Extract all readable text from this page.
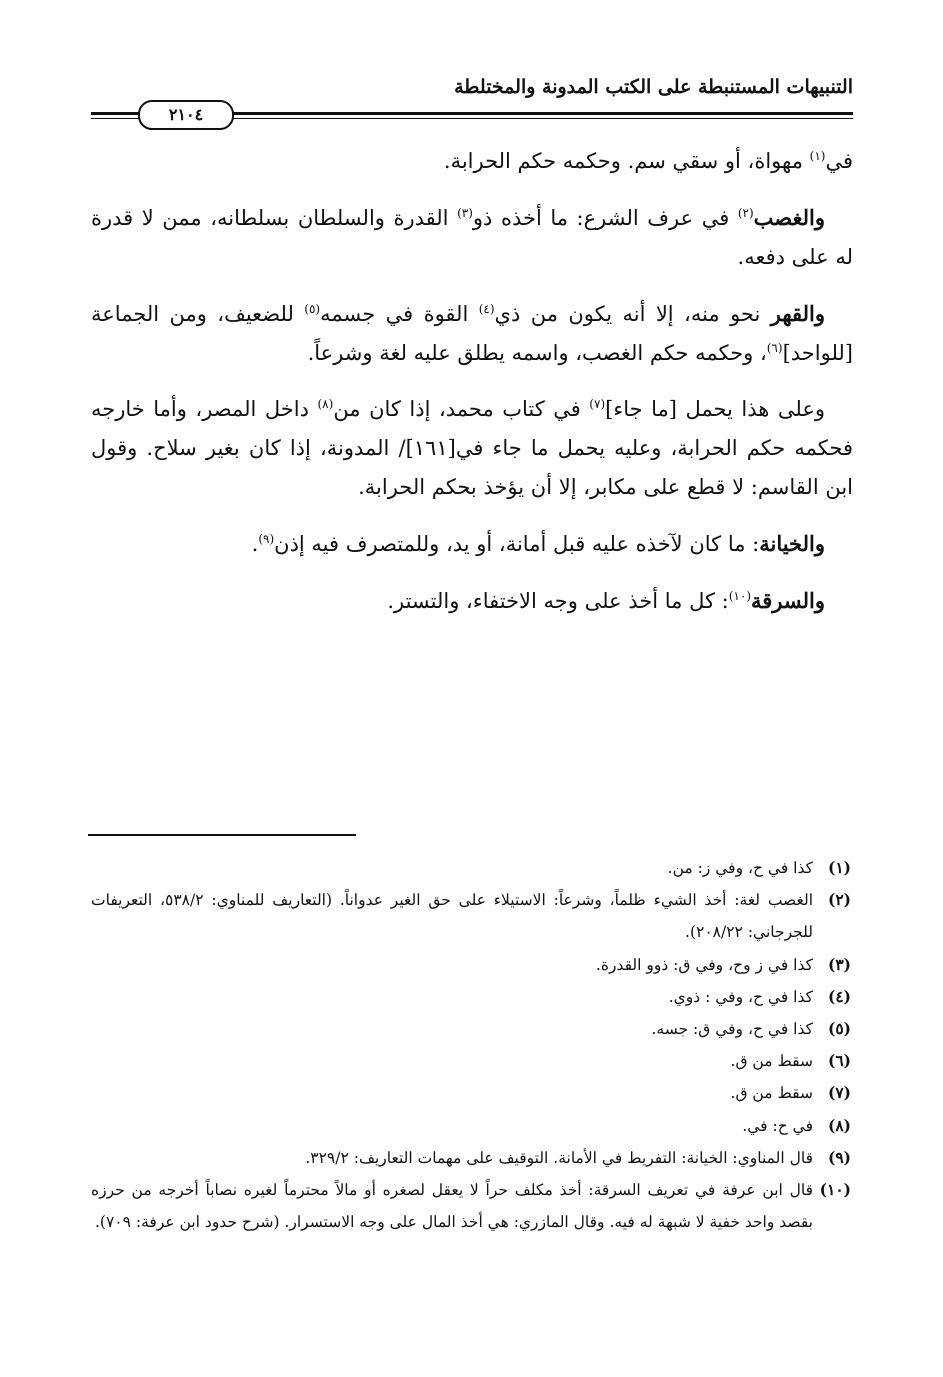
التنبيهات المستنبطة على الكتب المدونة والمختلطة
٢١٠٤

في$^{(١)}$ مهواة، أو سقي سم. وحكمه حكم الحرابة.

والغصب$^{(٢)}$ في عرف الشرع: ما أخذه ذو$^{(٣)}$ القدرة والسلطان بسلطانه، ممن لا قدرة له على دفعه.

والقهر نحو منه، إلا أنه يكون من ذي$^{(٤)}$ القوة في جسمه$^{(٥)}$ للضعيف، ومن الجماعة [للواحد]$^{(٦)}$، وحكمه حكم الغصب، واسمه يطلق عليه لغة وشرعاً.

وعلى هذا يحمل [ما جاء]$^{(٧)}$ في كتاب محمد، إذا كان من$^{(٨)}$ داخل المصر، وأما خارجه فحكمه حكم الحرابة، وعليه يحمل ما جاء في[١٦١]/ المدونة، إذا كان بغير سلاح. وقول ابن القاسم: لا قطع على مكابر، إلا أن يؤخذ بحكم الحرابة.

والخيانة: ما كان لآخذه عليه قبل أمانة، أو يد، وللمتصرف فيه إذن$^{(٩)}$.

والسرقة$^{(١٠)}$: كل ما أخذ على وجه الاختفاء، والتستر.

(١)
كذا في ح، وفي ز: من.
(٢)
الغصب لغة: أخذ الشيء ظلماً، وشرعاً: الاستيلاء على حق الغير عدواناً. (التعاريف للمناوي: ٥٣٨/٢، التعريفات للجرجاني: ٢٠٨/٢٢).
(٣)
كذا في ز وح، وفي ق: ذوو القدرة.
(٤)
كذا في ح، وفي : ذوي.
(٥)
كذا في ح، وفي ق: جسه.
(٦)
سقط من ق.
(٧)
سقط من ق.
(٨)
في ح: في.
(٩)
قال المناوي: الخيانة: التفريط في الأمانة. التوقيف على مهمات التعاريف: ٣٢٩/٢.
(١٠)
قال ابن عرفة في تعريف السرقة: أخذ مكلف حراً لا يعقل لصغره أو مالاً محترماً لغيره نصاباً أخرجه من حرزه بقصد واحد خفية لا شبهة له فيه. وقال المازري: هي أخذ المال على وجه الاستسرار. (شرح حدود ابن عرفة: ٧٠٩).
